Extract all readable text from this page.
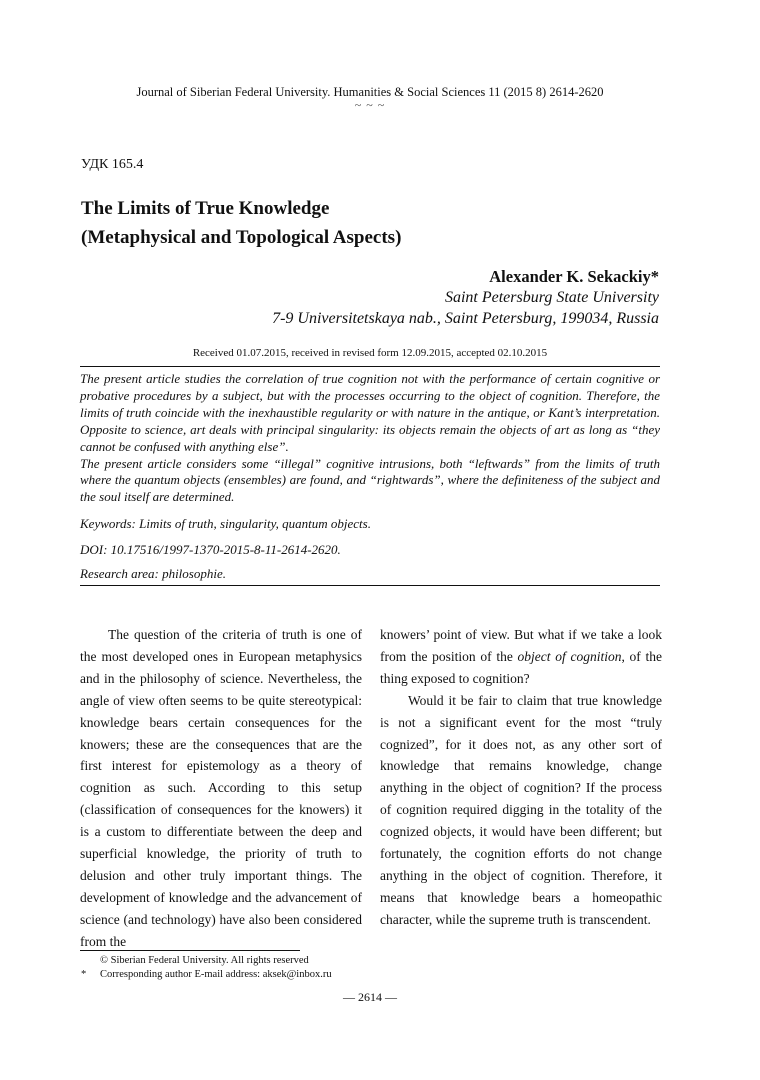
Journal of Siberian Federal University. Humanities & Social Sciences 11 (2015 8) 2614-2620
~ ~ ~
УДК 165.4
The Limits of True Knowledge
(Metaphysical and Topological Aspects)
Alexander K. Sekackiy*
Saint Petersburg State University
7-9 Universitetskaya nab., Saint Petersburg, 199034, Russia
Received 01.07.2015, received in revised form 12.09.2015, accepted 02.10.2015

The present article studies the correlation of true cognition not with the performance of certain cognitive or probative procedures by a subject, but with the processes occurring to the object of cognition. Therefore, the limits of truth coincide with the inexhaustible regularity or with nature in the antique, or Kant’s interpretation. Opposite to science, art deals with principal singularity: its objects remain the objects of art as long as “they cannot be confused with anything else”.

The present article considers some “illegal” cognitive intrusions, both “leftwards” from the limits of truth where the quantum objects (ensembles) are found, and “rightwards”, where the definiteness of the subject and the soul itself are determined.

Keywords: Limits of truth, singularity, quantum objects.
DOI: 10.17516/1997-1370-2015-8-11-2614-2620.
Research area: philosophie.

The question of the criteria of truth is one of the most developed ones in European metaphysics and in the philosophy of science. Nevertheless, the angle of view often seems to be quite stereotypical: knowledge bears certain consequences for the knowers; these are the consequences that are the first interest for epistemology as a theory of cognition as such. According to this setup (classification of consequences for the knowers) it is a custom to differentiate between the deep and superficial knowledge, the priority of truth to delusion and other truly important things. The development of knowledge and the advancement of science (and technology) have also been considered from the

knowers’ point of view. But what if we take a look from the position of the object of cognition, of the thing exposed to cognition?

Would it be fair to claim that true knowledge is not a significant event for the most “truly cognized”, for it does not, as any other sort of knowledge that remains knowledge, change anything in the object of cognition? If the process of cognition required digging in the totality of the cognized objects, it would have been different; but fortunately, the cognition efforts do not change anything in the object of cognition. Therefore, it means that knowledge bears a homeopathic character, while the supreme truth is transcendent.

© Siberian Federal University. All rights reserved
* Corresponding author E-mail address: aksek@inbox.ru
— 2614 —
